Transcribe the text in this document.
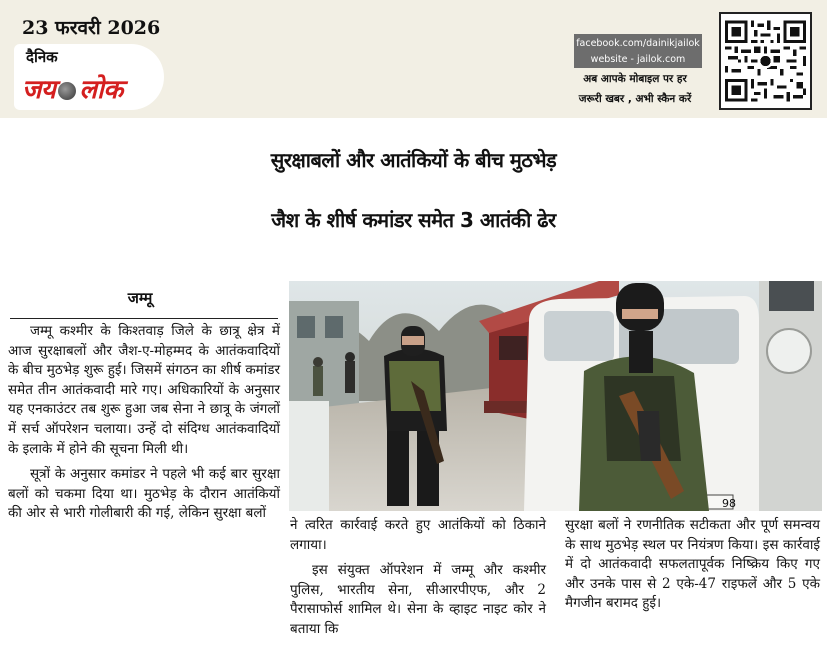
23 फरवरी 2026
दैनिक
जय लोक
facebook.com/dainikjailok
website - jailok.com
अब आपके मोबाइल पर हर
जरूरी खबर , अभी स्कैन करें
सुरक्षाबलों और आतंकियों के बीच मुठभेड़
जैश के शीर्ष कमांडर समेत 3 आतंकी ढेर
जम्मू

जम्मू कश्मीर के किश्तवाड़ जिले के छात्रू क्षेत्र में आज सुरक्षाबलों और जैश-ए-मोहम्मद के आतंकवादियों के बीच मुठभेड़ शुरू हुई। जिसमें संगठन का शीर्ष कमांडर समेत तीन आतंकवादी मारे गए। अधिकारियों के अनुसार यह एनकाउंटर तब शुरू हुआ जब सेना ने छात्रू के जंगलों में सर्च ऑपरेशन चलाया। उन्हें दो संदिग्ध आतंकवादियों के इलाके में होने की सूचना मिली थी।

सूत्रों के अनुसार कमांडर ने पहले भी कई बार सुरक्षा बलों को चकमा दिया था। मुठभेड़ के दौरान आतंकियों की ओर से भारी गोलीबारी की गई, लेकिन सुरक्षा बलों

98

ने त्वरित कार्रवाई करते हुए आतंकियों को ठिकाने लगाया।

इस संयुक्त ऑपरेशन में जम्मू और कश्मीर पुलिस, भारतीय सेना, सीआरपीएफ, और 2 पैरासाफोर्स शामिल थे। सेना के व्हाइट नाइट कोर ने बताया कि

सुरक्षा बलों ने रणनीतिक सटीकता और पूर्ण समन्वय के साथ मुठभेड़ स्थल पर नियंत्रण किया। इस कार्रवाई में दो आतंकवादी सफलतापूर्वक निष्क्रिय किए गए और उनके पास से 2 एके-47 राइफलें और 5 एके मैगजीन बरामद हुई।
